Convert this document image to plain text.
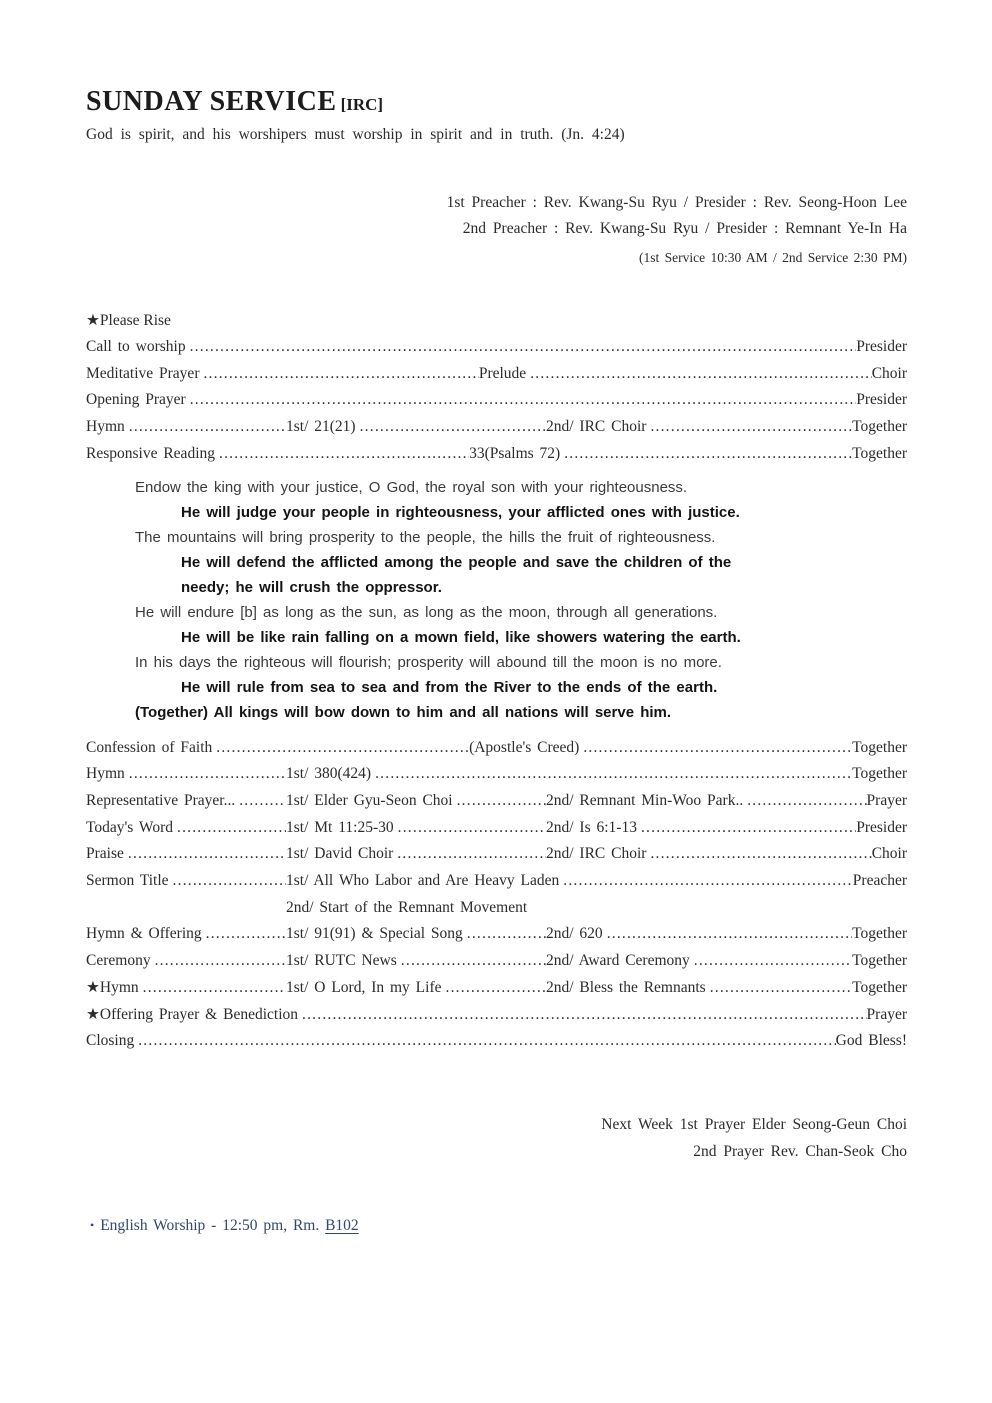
SUNDAY SERVICE [IRC]
God is spirit, and his worshipers must worship in spirit and in truth. (Jn. 4:24)
1st Preacher : Rev. Kwang-Su Ryu / Presider : Rev. Seong-Hoon Lee
2nd Preacher : Rev. Kwang-Su Ryu / Presider : Remnant Ye-In Ha
(1st Service 10:30 AM / 2nd Service 2:30 PM)
★Please Rise
Call to worship .....	Presider
Meditative Prayer .....	Prelude .....	Choir
Opening Prayer .....	Presider
Hymn .....	1st/ 21(21) .....	2nd/ IRC Choir .....	Together
Responsive Reading .....	33(Psalms 72) .....	Together
Endow the king with your justice, O God, the royal son with your righteousness.
He will judge your people in righteousness, your afflicted ones with justice.
The mountains will bring prosperity to the people, the hills the fruit of righteousness.
He will defend the afflicted among the people and save the children of the
needy; he will crush the oppressor.
He will endure [b] as long as the sun, as long as the moon, through all generations.
He will be like rain falling on a mown field, like showers watering the earth.
In his days the righteous will flourish; prosperity will abound till the moon is no more.
He will rule from sea to sea and from the River to the ends of the earth.
(Together) All kings will bow down to him and all nations will serve him.
Confession of Faith .....	(Apostle's Creed) .....	Together
Hymn .....	1st/ 380(424) .....	Together
Representative Prayer... .....	1st/ Elder Gyu-Seon Choi .....	2nd/ Remnant Min-Woo Park.. .....	Prayer
Today's Word .....	1st/ Mt 11:25-30 .....	2nd/ Is 6:1-13 .....	Presider
Praise .....	1st/ David Choir .....	2nd/ IRC Choir .....	Choir
Sermon Title .....	1st/ All Who Labor and Are Heavy Laden .....	Preacher
2nd/ Start of the Remnant Movement
Hymn & Offering .....	1st/ 91(91) & Special Song .....	2nd/ 620 .....	Together
Ceremony .....	1st/ RUTC News .....	2nd/ Award Ceremony .....	Together
★Hymn .....	1st/ O Lord, In my Life .....	2nd/ Bless the Remnants .....	Together
★Offering Prayer & Benediction .....	Prayer
Closing .....	God Bless!
Next Week 1st Prayer Elder Seong-Geun Choi
2nd Prayer Rev. Chan-Seok Cho
• English Worship - 12:50 pm, Rm. B102
